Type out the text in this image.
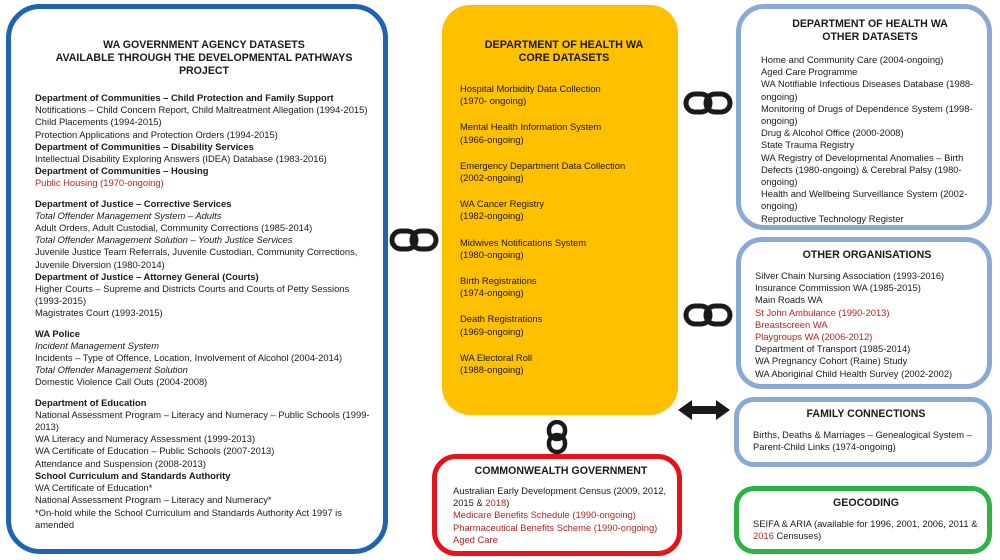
WA GOVERNMENT AGENCY DATASETS
AVAILABLE THROUGH THE DEVELOPMENTAL PATHWAYS PROJECT
Department of Communities – Child Protection and Family Support
Notifications – Child Concern Report, Child Maltreatment Allegation (1994-2015)
Child Placements (1994-2015)
Protection Applications and Protection Orders (1994-2015)
Department of Communities – Disability Services
Intellectual Disability Exploring Answers (IDEA) Database (1983-2016)
Department of Communities – Housing
Public Housing (1970-ongoing)
Department of Justice – Corrective Services
Total Offender Management System – Adults
Adult Orders, Adult Custodial, Community Corrections (1985-2014)
Total Offender Management Solution – Youth Justice Services
Juvenile Justice Team Referrals, Juvenile Custodian, Community Corrections, Juvenile Diversion (1980-2014)
Department of Justice – Attorney General (Courts)
Higher Courts – Supreme and Districts Courts and Courts of Petty Sessions (1993-2015)
Magistrates Court (1993-2015)
WA Police
Incident Management System
Incidents – Type of Offence, Location, Involvement of Alcohol (2004-2014)
Total Offender Management Solution
Domestic Violence Call Outs (2004-2008)
Department of Education
National Assessment Program – Literacy and Numeracy – Public Schools (1999-2013)
WA Literacy and Numeracy Assessment (1999-2013)
WA Certificate of Education – Public Schools (2007-2013)
Attendance and Suspension (2008-2013)
School Curriculum and Standards Authority
WA Certificate of Education*
National Assessment Program – Literacy and Numeracy*
*On-hold while the School Curriculum and Standards Authority Act 1997 is amended
DEPARTMENT OF HEALTH WA
CORE DATASETS
Hospital Morbidity Data Collection
(1970- ongoing)
Mental Health Information System
(1966-ongoing)
Emergency Department Data Collection
(2002-ongoing)
WA Cancer Registry
(1982-ongoing)
Midwives Notifications System
(1980-ongoing)
Birth Registrations
(1974-ongoing)
Death Registrations
(1969-ongoing)
WA Electoral Roll
(1988-ongoing)
DEPARTMENT OF HEALTH WA
OTHER DATASETS
Home and Community Care (2004-ongoing)
Aged Care Programme
WA Notifiable Infectious Diseases Database (1988-ongoing)
Monitoring of Drugs of Dependence System (1998-ongoing)
Drug & Alcohol Office (2000-2008)
State Trauma Registry
WA Registry of Developmental Anomalies – Birth Defects (1980-ongoing) & Cerebral Palsy (1980-ongoing)
Health and Wellbeing Surveillance System (2002-ongoing)
Reproductive Technology Register
OTHER ORGANISATIONS
Silver Chain Nursing Association (1993-2016)
Insurance Commission WA (1985-2015)
Main Roads WA
St John Ambulance (1990-2013)
Breastscreen WA
Playgroups WA (2006-2012)
Department of Transport (1985-2014)
WA Pregnancy Cohort (Raine) Study
WA Aboriginal Child Health Survey (2002-2002)
FAMILY CONNECTIONS
Births, Deaths & Marriages – Genealogical System – Parent-Child Links (1974-ongoing)
GEOCODING
SEIFA & ARIA (available for 1996, 2001, 2006, 2011 & 2016 Censuses)
COMMONWEALTH GOVERNMENT
Australian Early Development Census (2009, 2012, 2015 & 2018)
Medicare Benefits Schedule (1990-ongoing)
Pharmaceutical Benefits Scheme (1990-ongoing)
Aged Care
